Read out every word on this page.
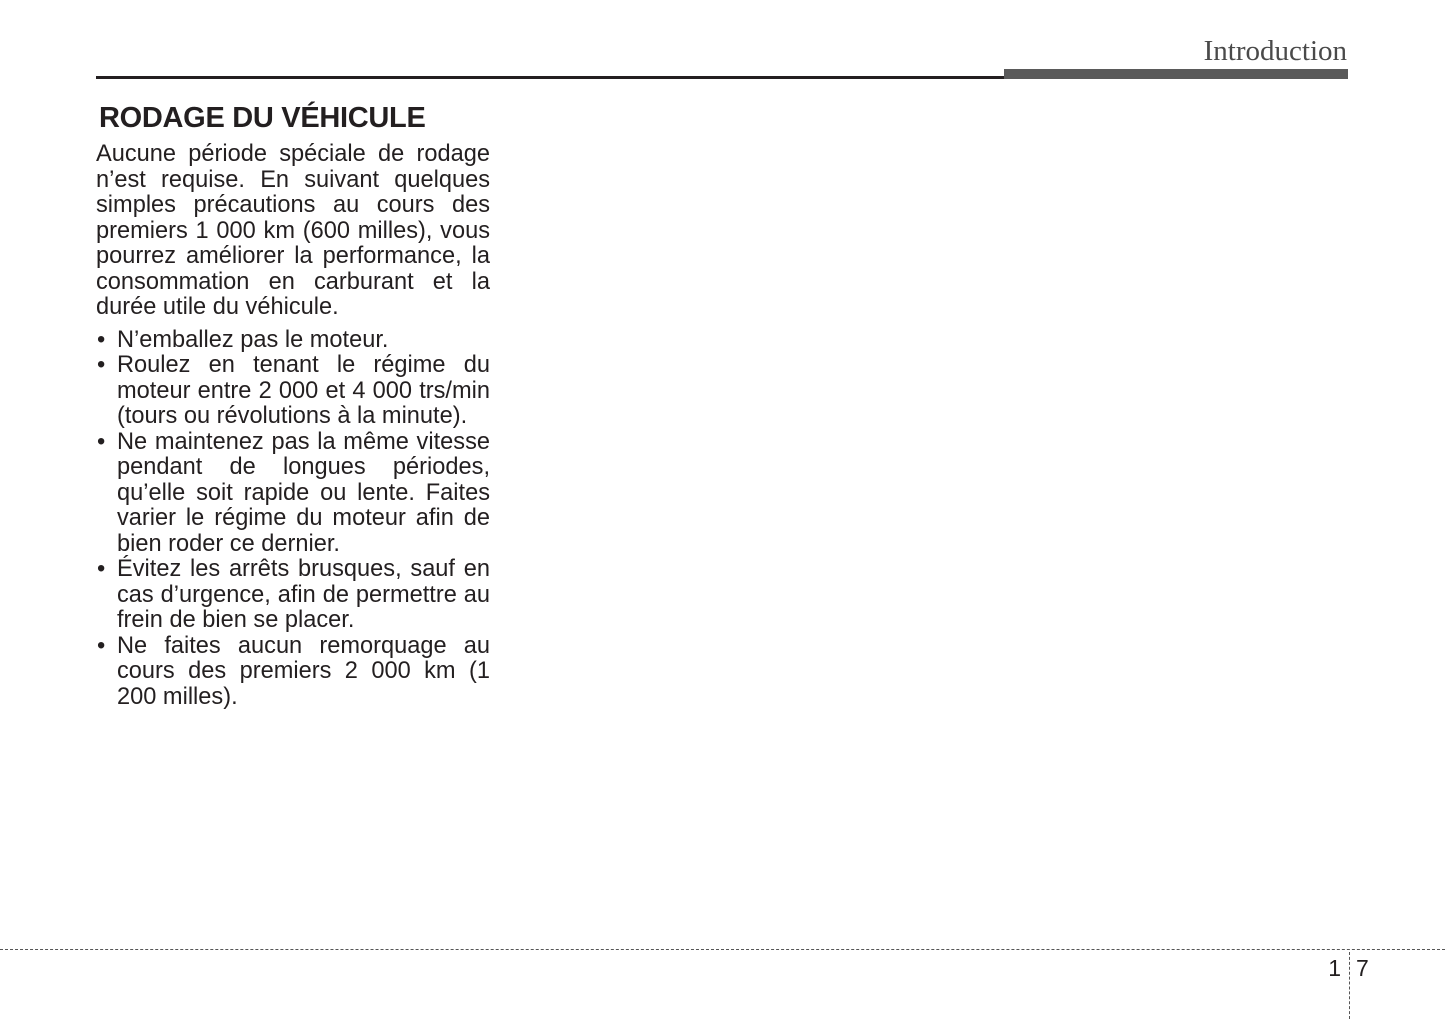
Introduction
RODAGE DU VÉHICULE

Aucune période spéciale de rodage n’est requise. En suivant quelques simples précautions au cours des premiers 1 000 km (600 milles), vous pourrez améliorer la performance, la consommation en carburant et la durée utile du véhicule.

• N’emballez pas le moteur.
• Roulez en tenant le régime du moteur entre 2 000 et 4 000 trs/min (tours ou révolutions à la minute).
• Ne maintenez pas la même vitesse pendant de longues périodes, qu’elle soit rapide ou lente. Faites varier le régime du moteur afin de bien roder ce dernier.
• Évitez les arrêts brusques, sauf en cas d’urgence, afin de permettre au frein de bien se placer.
• Ne faites aucun remorquage au cours des premiers 2 000 km (1 200 milles).
1 7
